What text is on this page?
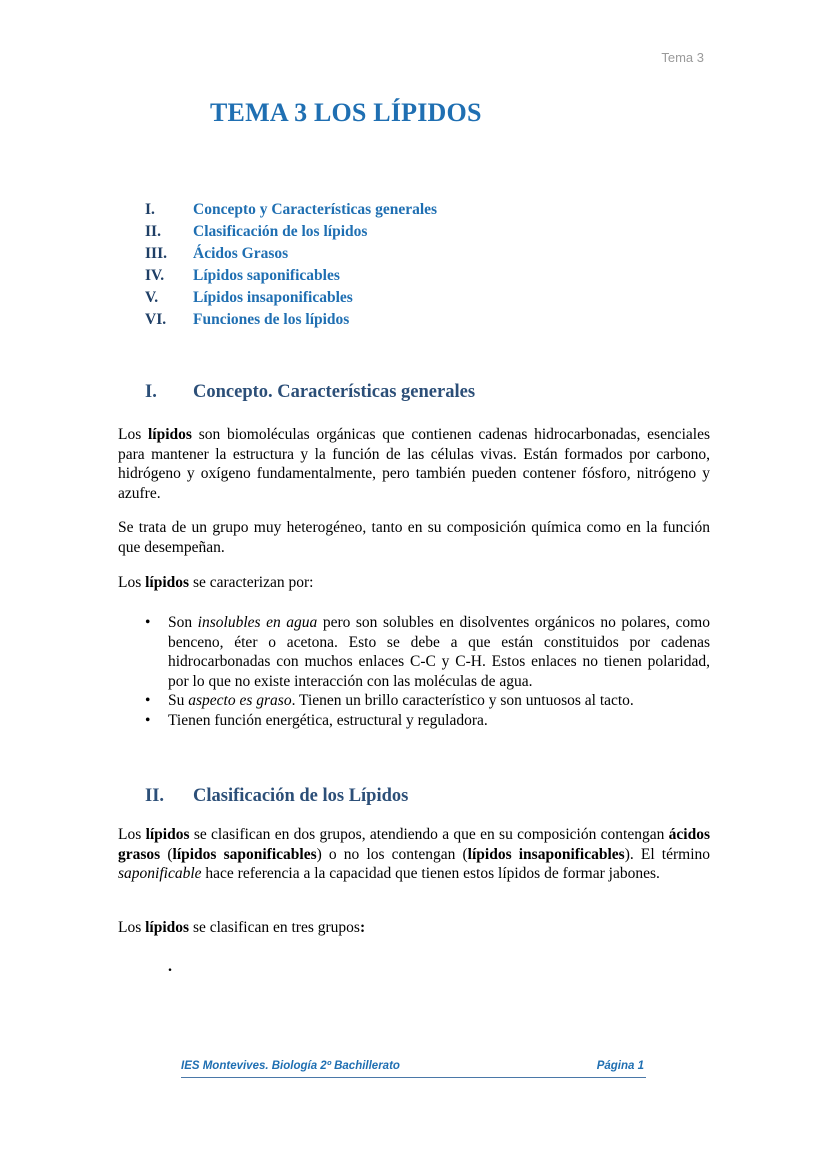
Tema 3
TEMA 3 LOS LÍPIDOS
I.	Concepto y Características generales
II.	Clasificación de los lípidos
III.	Ácidos Grasos
IV.	Lípidos saponificables
V.	Lípidos insaponificables
VI.	Funciones de los lípidos
I.	Concepto. Características generales

Los lípidos son biomoléculas orgánicas que contienen cadenas hidrocarbonadas, esenciales para mantener la estructura y la función de las células vivas. Están formados por carbono, hidrógeno y oxígeno fundamentalmente, pero también pueden contener fósforo, nitrógeno y azufre.

Se trata de un grupo muy heterogéneo, tanto en su composición química como en la función que desempeñan.

Los lípidos se caracterizan por:

•	Son insolubles en agua pero son solubles en disolventes orgánicos no polares, como benceno, éter o acetona. Esto se debe a que están constituidos por cadenas hidrocarbonadas con muchos enlaces C-C y C-H. Estos enlaces no tienen polaridad, por lo que no existe interacción con las moléculas de agua.
•	Su aspecto es graso. Tienen un brillo característico y son untuosos al tacto.
•	Tienen función energética, estructural y reguladora.
II.	Clasificación de los Lípidos

Los lípidos se clasifican en dos grupos, atendiendo a que en su composición contengan ácidos grasos (lípidos saponificables) o no los contengan (lípidos insaponificables). El término saponificable hace referencia a la capacidad que tienen estos lípidos de formar jabones.

Los lípidos se clasifican en tres grupos:

.
IES Montevives. Biología 2º Bachillerato	Página 1
